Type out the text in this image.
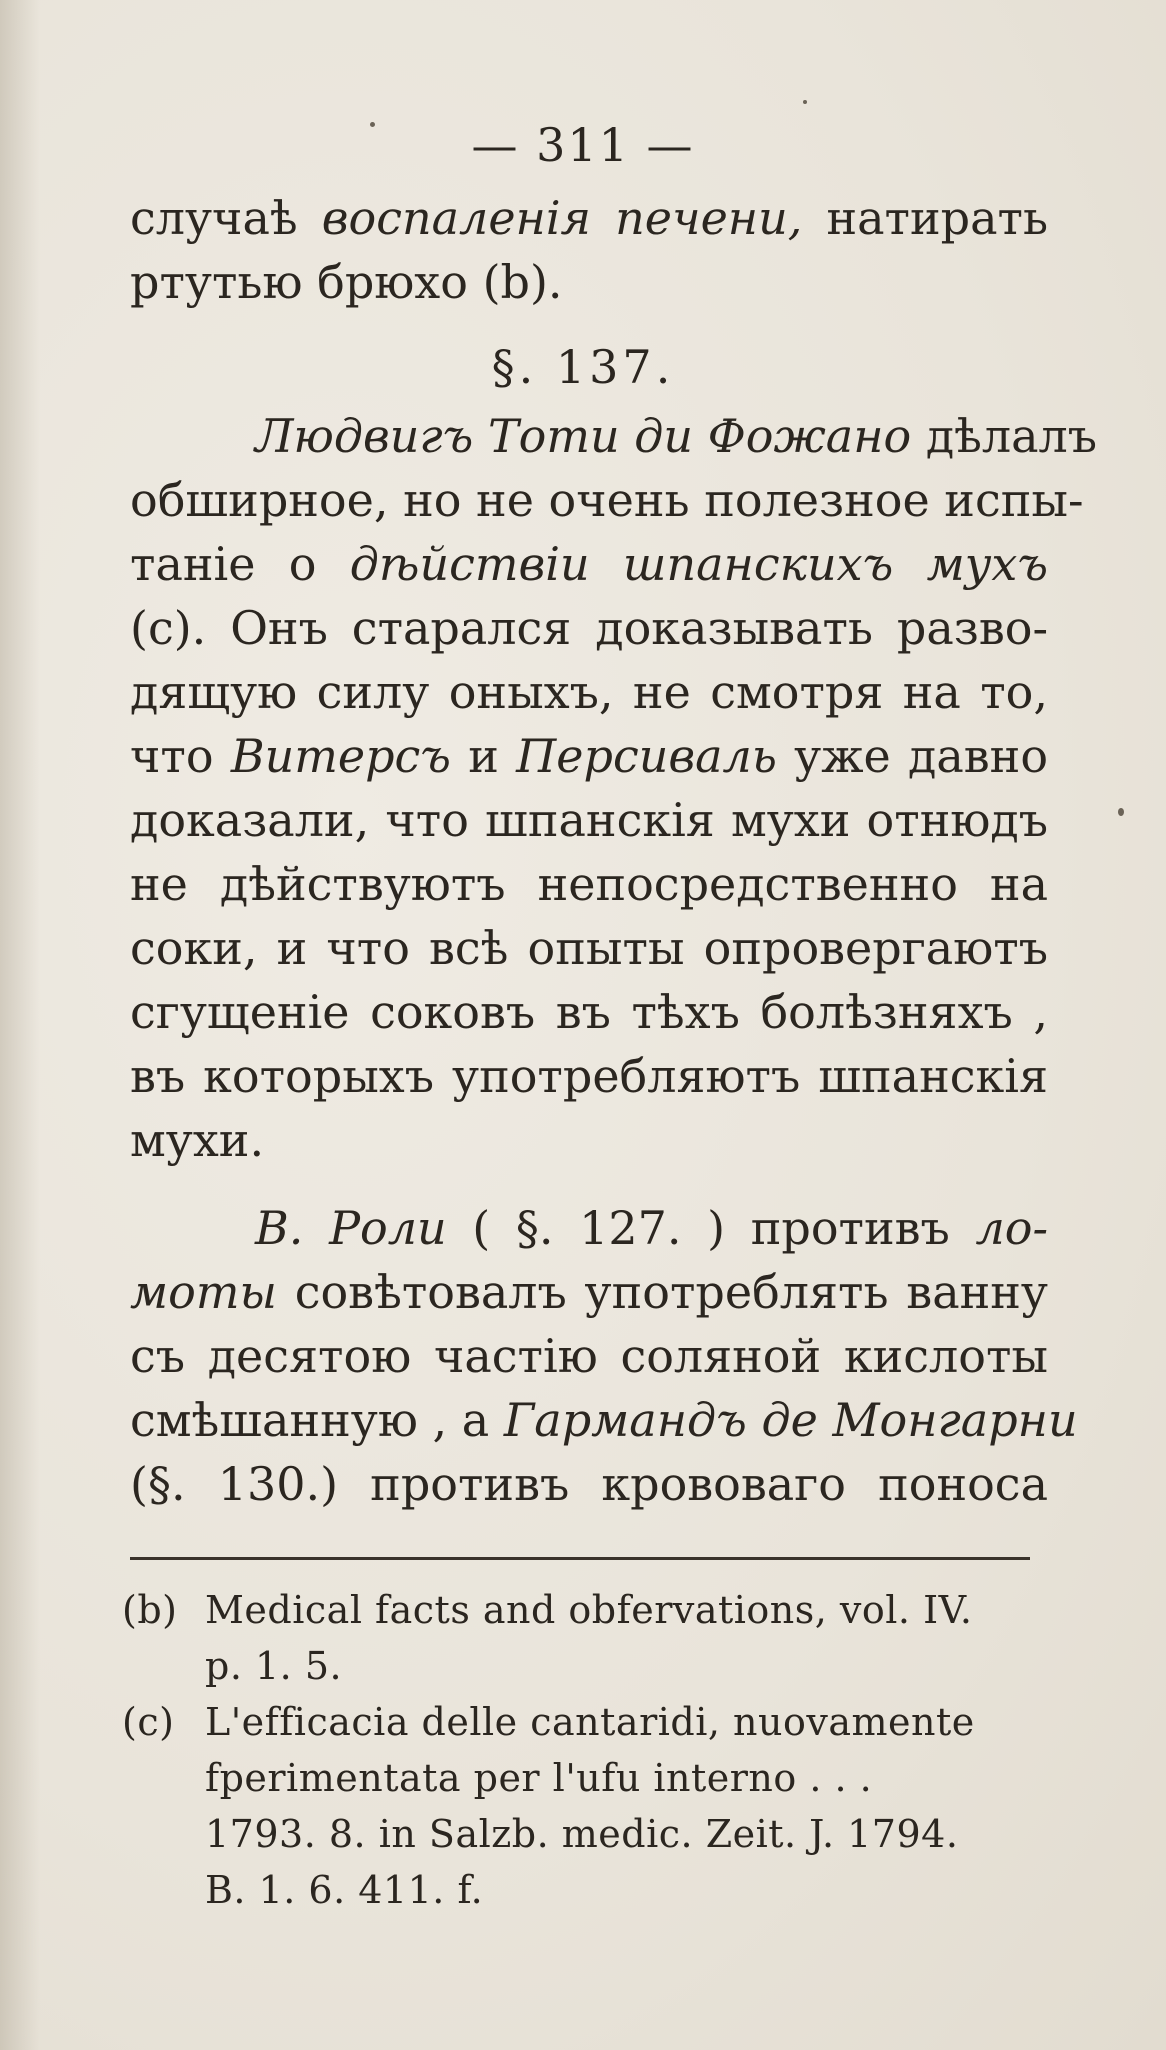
— 311 —
случаѣ воспаленія печени, натирать
ртутью брюхо (b).
§. 137.
Людвигъ Тоти ди Фожано дѣлалъ
обширное, но не очень полезное испы-
таніе о дѣйствіи шпанскихъ мухъ
(c). Онъ старался доказывать разво-
дящую силу оныхъ, не смотря на то,
что Витерсъ и Персиваль уже давно
доказали, что шпанскія мухи отнюдъ
не дѣйствуютъ непосредственно на
соки, и что всѣ опыты опровергаютъ
сгущеніе соковъ въ тѣхъ болѣзняхъ ,
въ которыхъ употребляютъ шпанскія
мухи.
В. Роли ( §. 127. ) противъ ло-
моты совѣтовалъ употреблять ванну
съ десятою частію соляной кислоты
смѣшанную , а Гармандъ де Монгарни
(§. 130.) противъ крововаго поноса
(b) Medical facts and obfervations, vol. IV.
p. 1. 5.
(c) L'efficacia delle cantaridi, nuovamente
fperimentata per l'ufu interno . . .
1793. 8. in Salzb. medic. Zeit. J. 1794.
B. 1. 6. 411. f.
